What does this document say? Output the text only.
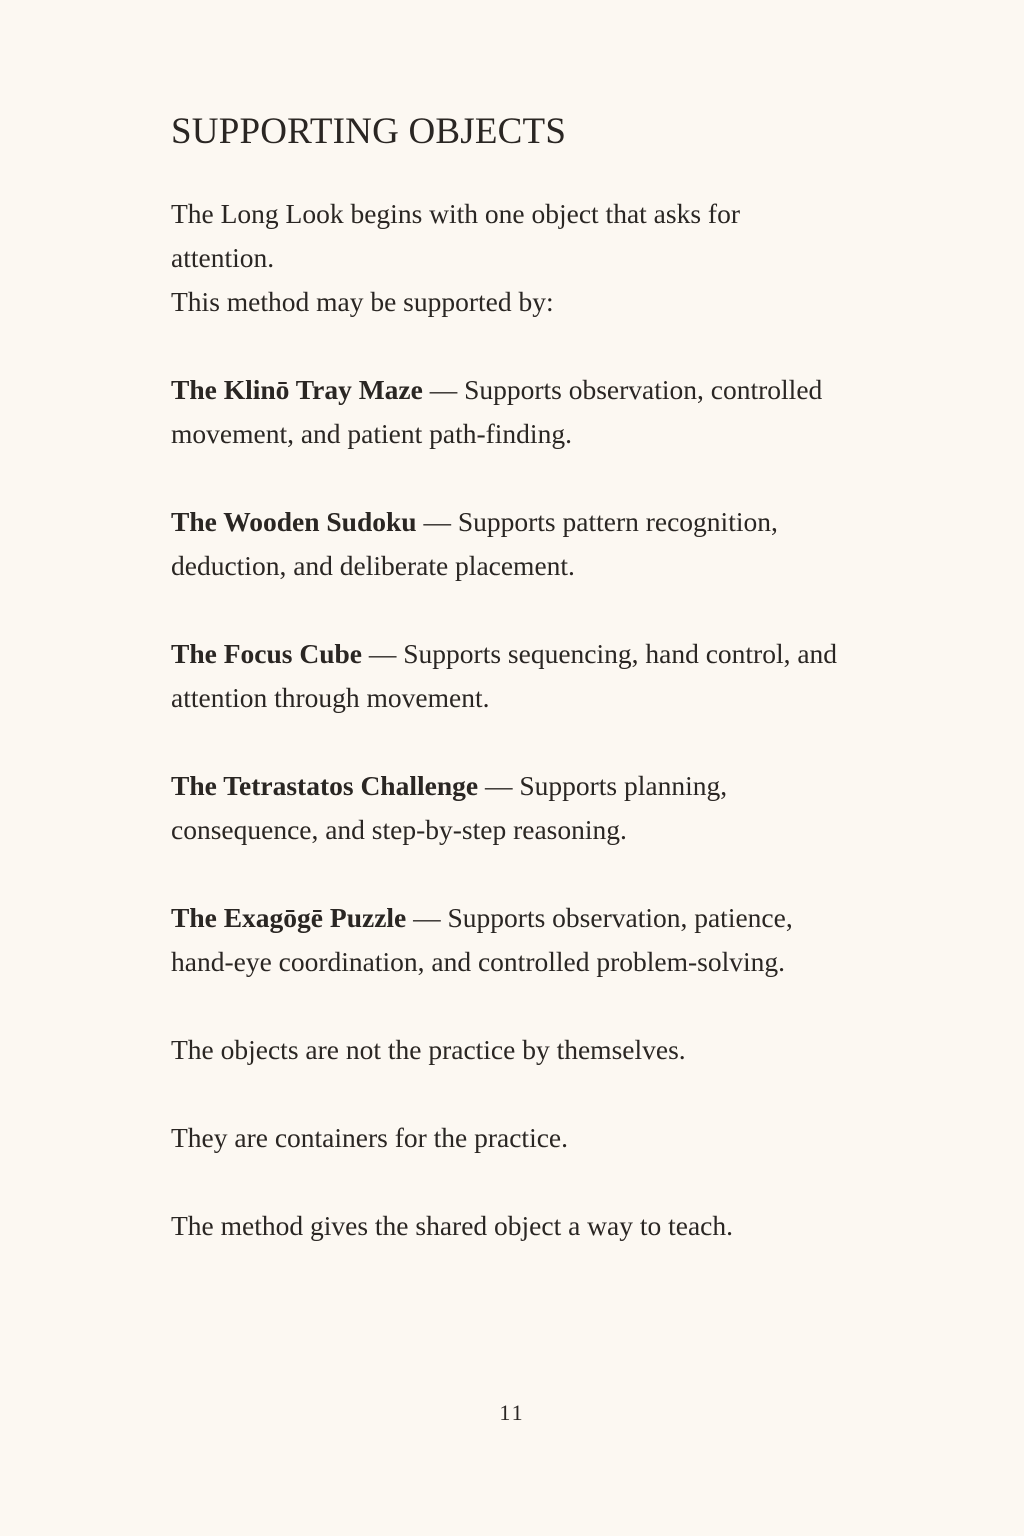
SUPPORTING OBJECTS

The Long Look begins with one object that asks for attention.
This method may be supported by:

The Klinō Tray Maze — Supports observation, controlled movement, and patient path-finding.

The Wooden Sudoku — Supports pattern recognition, deduction, and deliberate placement.

The Focus Cube — Supports sequencing, hand control, and attention through movement.

The Tetrastatos Challenge — Supports planning, consequence, and step-by-step reasoning.

The Exagōgē Puzzle — Supports observation, patience, hand-eye coordination, and controlled problem-solving.

The objects are not the practice by themselves.

They are containers for the practice.

The method gives the shared object a way to teach.

11
